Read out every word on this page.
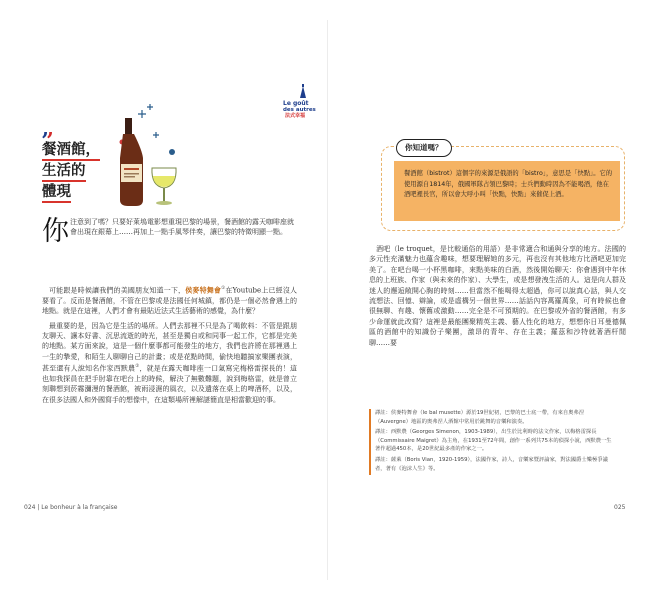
,,
餐酒館，
生活的
體現
你 注意到了嗎？只要好萊塢電影想重現巴黎的場景，餐酒館的露天咖啡座就會出現在銀幕上……再加上一點手風琴伴奏，讓巴黎的特徵明顯一點。

可能跟是時候讓我們的美國朋友知道一下，侯麥特舞會①在Youtube上已經沒人要看了。反而是餐酒館，不管在巴黎或是法國任何城鎮，都仍是一個必然會遇上的地點。就是在這裡，人們才會有最貼近法式生活藝術的感覺，為什麼？

最重要的是，因為它是生活的場所。人們去那裡不只是為了喝飲料：不管是跟朋友聊天、讓本好書、沉思流逝的時光，甚至是獨自或和同事一起工作，它都是完美的地點。某方面來說，這是一個什麼事都可能發生的地方，我們也許將在那裡遇上一生的摯愛，和陌生人聊聊自己的計畫；或是花點時間，偷快地聽搞家樂團表演，甚至還有人說知名作家西默農②，就是在露天咖啡座一口氣寫完梅格雷探長的！這也如我探員在把手肘靠在吧台上的時候，解決了無數難題，說到梅格雷，就是曾立刻聯想到菸霧瀰漫的餐酒館，被雨浸濕的風衣，以及遺落在桌上的啤酒杯，以及，在很多法國人和外國寫手的想像中，在這類場所裡解謎簡直是相當歡迎的事。

024 | Le bonheur à la française
Le goût
des autres
法式幸福
你知道嗎？
餐酒館（bistrot）這個字的來源是俄語的「bistro」，意思是「快點」。它的使用源自1814年，俄國軍隊占領巴黎時；士兵們動時因為不能喝酒，他在酒吧裡長官，所以會大呼小叫「快點，快點」來催促上酒。

酒吧（le troquet，是比較通俗的用語）是非常適合和通與分享的地方。法國的多元性充滿魅力也蘊含趣味，想要理解她的多元，再也沒有其他地方比酒吧更加完美了。在吧台喝一小杯黑咖啡，來點美味的白酒，然後開始聊天：你會遇到中年休息的上班族、作家（與未來的作家）、大學生，或是想發洩生活的人。這是向人群及迷人的邂逅敞開心胸的時刻……但當然不能喝得太超過，你可以說真心話，與人交流想法、回憶、辯論，或是虛構另一個世界……話話內容萬羅萬象，可有時候也會很無聊、有趣、懷舊或激動……完全是不可預期的。在巴黎或外省的餐酒館，有多少命運就此改寫？這裡是最能團聚精英主義、藝人性化的地方，想想你日耳曼德佩區的酒館中的知識份子樂團，激昂的青年、存在主義；羅茲和沙特就著酒杆閒聊……要

譯註：侯麥特舞會（le bal musette）源於19世紀初，巴黎的巴士底一帶，有來自奧弗涅（Auvergne）地區的奧弗涅人酒館中常用於跳舞的音樂和演奏。

譯註：西默農（Georges Simenon，1903-1989），出生於比利時的法文作家，以梅格雷探長（Commissaire Maigret）為主角，在1931至72年間，創作一系列共75本的偵探小說，西默農一生著作超過450本，是20世紀最多產的作家之一。

譯註：薩萊（Boris Vian，1920-1959），法國作家，詩人，音樂家暨評論家，對法國爵士樂極爭議者，著有《泡沫人生》等。

025
